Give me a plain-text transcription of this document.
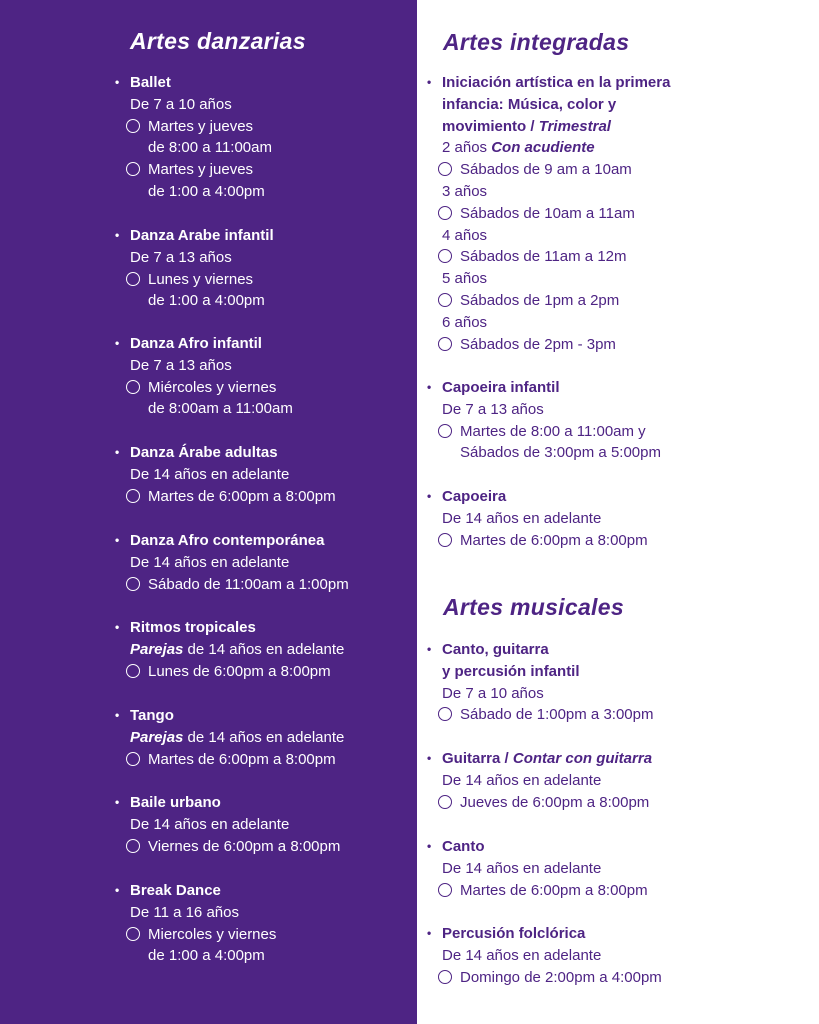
Artes danzarias
• Ballet
De 7 a 10 años
Martes y jueves
de 8:00 a 11:00am
Martes y jueves
de 1:00 a 4:00pm
• Danza Arabe infantil
De 7 a 13 años
Lunes y viernes
de 1:00 a 4:00pm
• Danza Afro infantil
De 7 a 13 años
Miércoles y viernes
de 8:00am a 11:00am
• Danza Árabe adultas
De 14 años en adelante
Martes de 6:00pm a 8:00pm
• Danza Afro contemporánea
De 14 años en adelante
Sábado de 11:00am a 1:00pm
• Ritmos tropicales
Parejas de 14 años en adelante
Lunes de 6:00pm a 8:00pm
• Tango
Parejas de 14 años en adelante
Martes de 6:00pm a 8:00pm
• Baile urbano
De 14 años en adelante
Viernes de 6:00pm a 8:00pm
• Break Dance
De 11 a 16 años
Miercoles y viernes
de 1:00 a 4:00pm
Artes integradas
• Iniciación artística en la primera
infancia: Música, color y
movimiento / Trimestral
2 años Con acudiente
Sábados de 9 am a 10am
3 años
Sábados de 10am a 11am
4 años
Sábados de 11am a 12m
5 años
Sábados de 1pm a 2pm
6 años
Sábados de 2pm - 3pm
• Capoeira infantil
De 7 a 13 años
Martes de 8:00 a 11:00am y
Sábados de 3:00pm a 5:00pm
• Capoeira
De 14 años en adelante
Martes de 6:00pm a 8:00pm
Artes musicales
• Canto, guitarra
y percusión infantil
De 7 a 10 años
Sábado de 1:00pm a 3:00pm
• Guitarra / Contar con guitarra
De 14 años en adelante
Jueves de 6:00pm a 8:00pm
• Canto
De 14 años en adelante
Martes de 6:00pm a 8:00pm
• Percusión folclórica
De 14 años en adelante
Domingo de 2:00pm a 4:00pm
